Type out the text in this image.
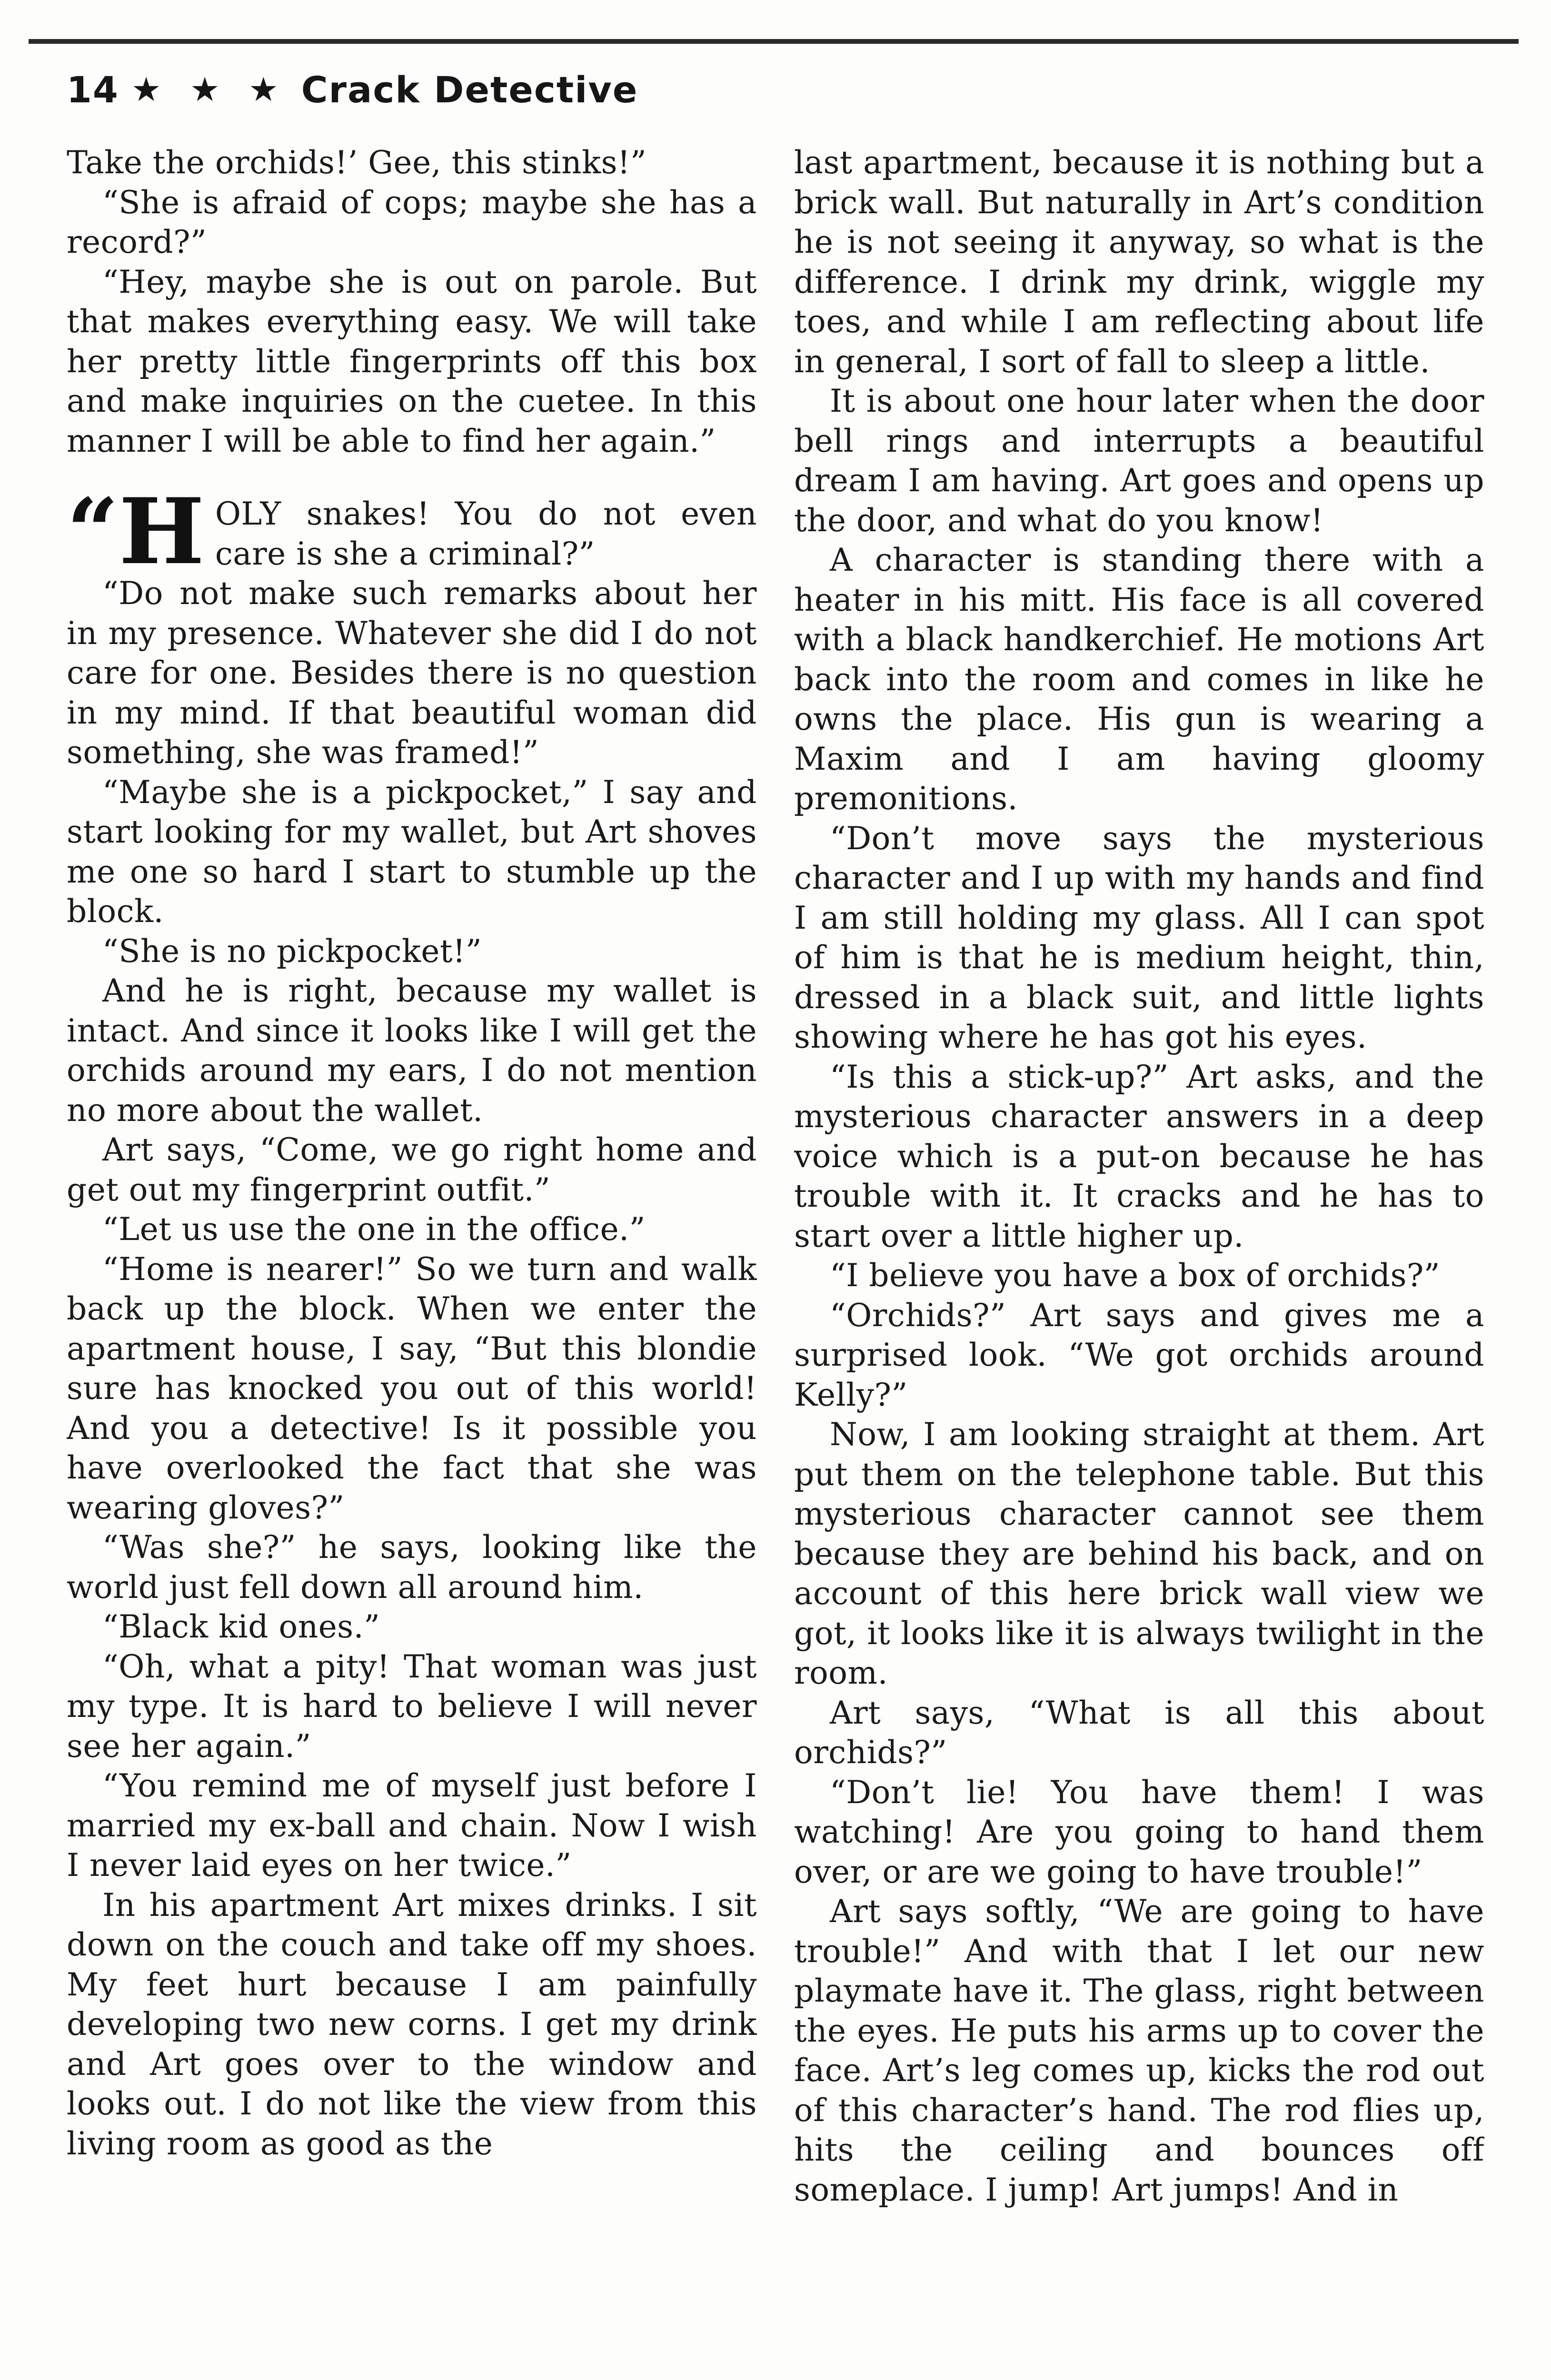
14 ★ ★ ★ Crack Detective

Take the orchids!’ Gee, this stinks!”

“She is afraid of cops; maybe she has a record?”

“Hey, maybe she is out on parole. But that makes everything easy. We will take her pretty little fingerprints off this box and make inquiries on the cuetee. In this manner I will be able to find her again.”

“H OLY snakes! You do not even care is she a criminal?”

“Do not make such remarks about her in my presence. Whatever she did I do not care for one. Besides there is no question in my mind. If that beautiful woman did something, she was framed!”

“Maybe she is a pickpocket,” I say and start looking for my wallet, but Art shoves me one so hard I start to stumble up the block.

“She is no pickpocket!”

And he is right, because my wallet is intact. And since it looks like I will get the orchids around my ears, I do not mention no more about the wallet.

Art says, “Come, we go right home and get out my fingerprint outfit.”

“Let us use the one in the office.”

“Home is nearer!” So we turn and walk back up the block. When we enter the apartment house, I say, “But this blondie sure has knocked you out of this world! And you a detective! Is it possible you have overlooked the fact that she was wearing gloves?”

“Was she?” he says, looking like the world just fell down all around him.

“Black kid ones.”

“Oh, what a pity! That woman was just my type. It is hard to believe I will never see her again.”

“You remind me of myself just before I married my ex-ball and chain. Now I wish I never laid eyes on her twice.”

In his apartment Art mixes drinks. I sit down on the couch and take off my shoes. My feet hurt because I am painfully developing two new corns. I get my drink and Art goes over to the window and looks out. I do not like the view from this living room as good as the

last apartment, because it is nothing but a brick wall. But naturally in Art’s condition he is not seeing it anyway, so what is the difference. I drink my drink, wiggle my toes, and while I am reflecting about life in general, I sort of fall to sleep a little.

It is about one hour later when the door bell rings and interrupts a beautiful dream I am having. Art goes and opens up the door, and what do you know!

A character is standing there with a heater in his mitt. His face is all covered with a black handkerchief. He motions Art back into the room and comes in like he owns the place. His gun is wearing a Maxim and I am having gloomy premonitions.

“Don’t move says the mysterious character and I up with my hands and find I am still holding my glass. All I can spot of him is that he is medium height, thin, dressed in a black suit, and little lights showing where he has got his eyes.

“Is this a stick-up?” Art asks, and the mysterious character answers in a deep voice which is a put-on because he has trouble with it. It cracks and he has to start over a little higher up.

“I believe you have a box of orchids?”

“Orchids?” Art says and gives me a surprised look. “We got orchids around Kelly?”

Now, I am looking straight at them. Art put them on the telephone table. But this mysterious character cannot see them because they are behind his back, and on account of this here brick wall view we got, it looks like it is always twilight in the room.

Art says, “What is all this about orchids?”

“Don’t lie! You have them! I was watching! Are you going to hand them over, or are we going to have trouble!”

Art says softly, “We are going to have trouble!” And with that I let our new playmate have it. The glass, right between the eyes. He puts his arms up to cover the face. Art’s leg comes up, kicks the rod out of this character’s hand. The rod flies up, hits the ceiling and bounces off someplace. I jump! Art jumps! And in
